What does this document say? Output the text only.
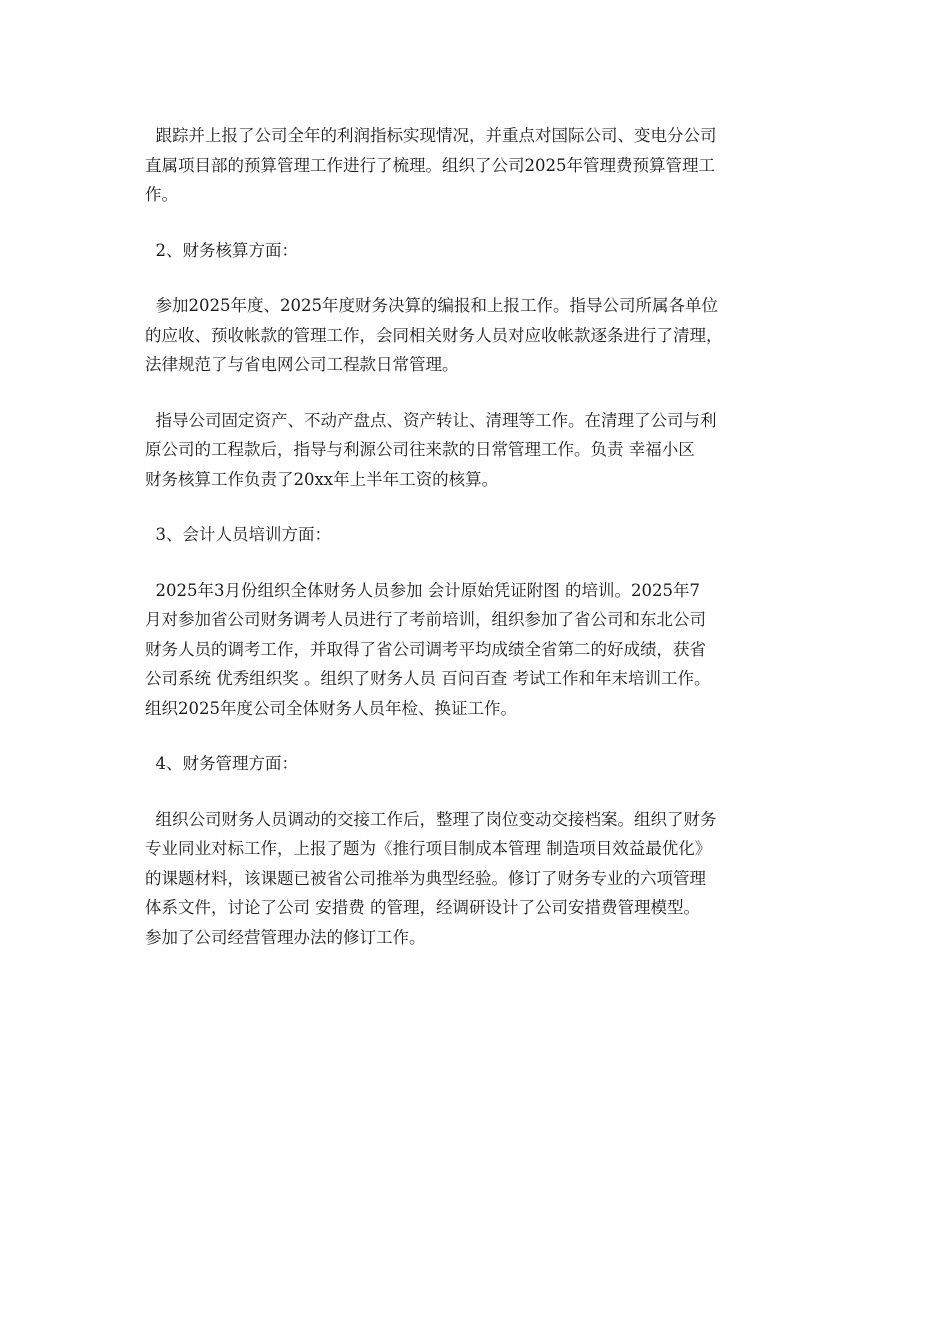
跟踪并上报了公司全年的利润指标实现情况，并重点对国际公司、变电分公司
直属项目部的预算管理工作进行了梳理。组织了公司2025年管理费预算管理工
作。
2、财务核算方面：
参加2025年度、2025年度财务决算的编报和上报工作。指导公司所属各单位
的应收、预收帐款的管理工作，会同相关财务人员对应收帐款逐条进行了清理，
法律规范了与省电网公司工程款日常管理。
指导公司固定资产、不动产盘点、资产转让、清理等工作。在清理了公司与利
原公司的工程款后，指导与利源公司往来款的日常管理工作。负责 幸福小区
财务核算工作负责了20xx年上半年工资的核算。
3、会计人员培训方面：
2025年3月份组织全体财务人员参加 会计原始凭证附图 的培训。2025年7
月对参加省公司财务调考人员进行了考前培训，组织参加了省公司和东北公司
财务人员的调考工作，并取得了省公司调考平均成绩全省第二的好成绩，获省
公司系统 优秀组织奖 。组织了财务人员 百问百查 考试工作和年末培训工作。
组织2025年度公司全体财务人员年检、换证工作。
4、财务管理方面：
组织公司财务人员调动的交接工作后，整理了岗位变动交接档案。组织了财务
专业同业对标工作，上报了题为《推行项目制成本管理 制造项目效益最优化》
的课题材料，该课题已被省公司推举为典型经验。修订了财务专业的六项管理
体系文件，讨论了公司 安措费 的管理，经调研设计了公司安措费管理模型。
参加了公司经营管理办法的修订工作。
